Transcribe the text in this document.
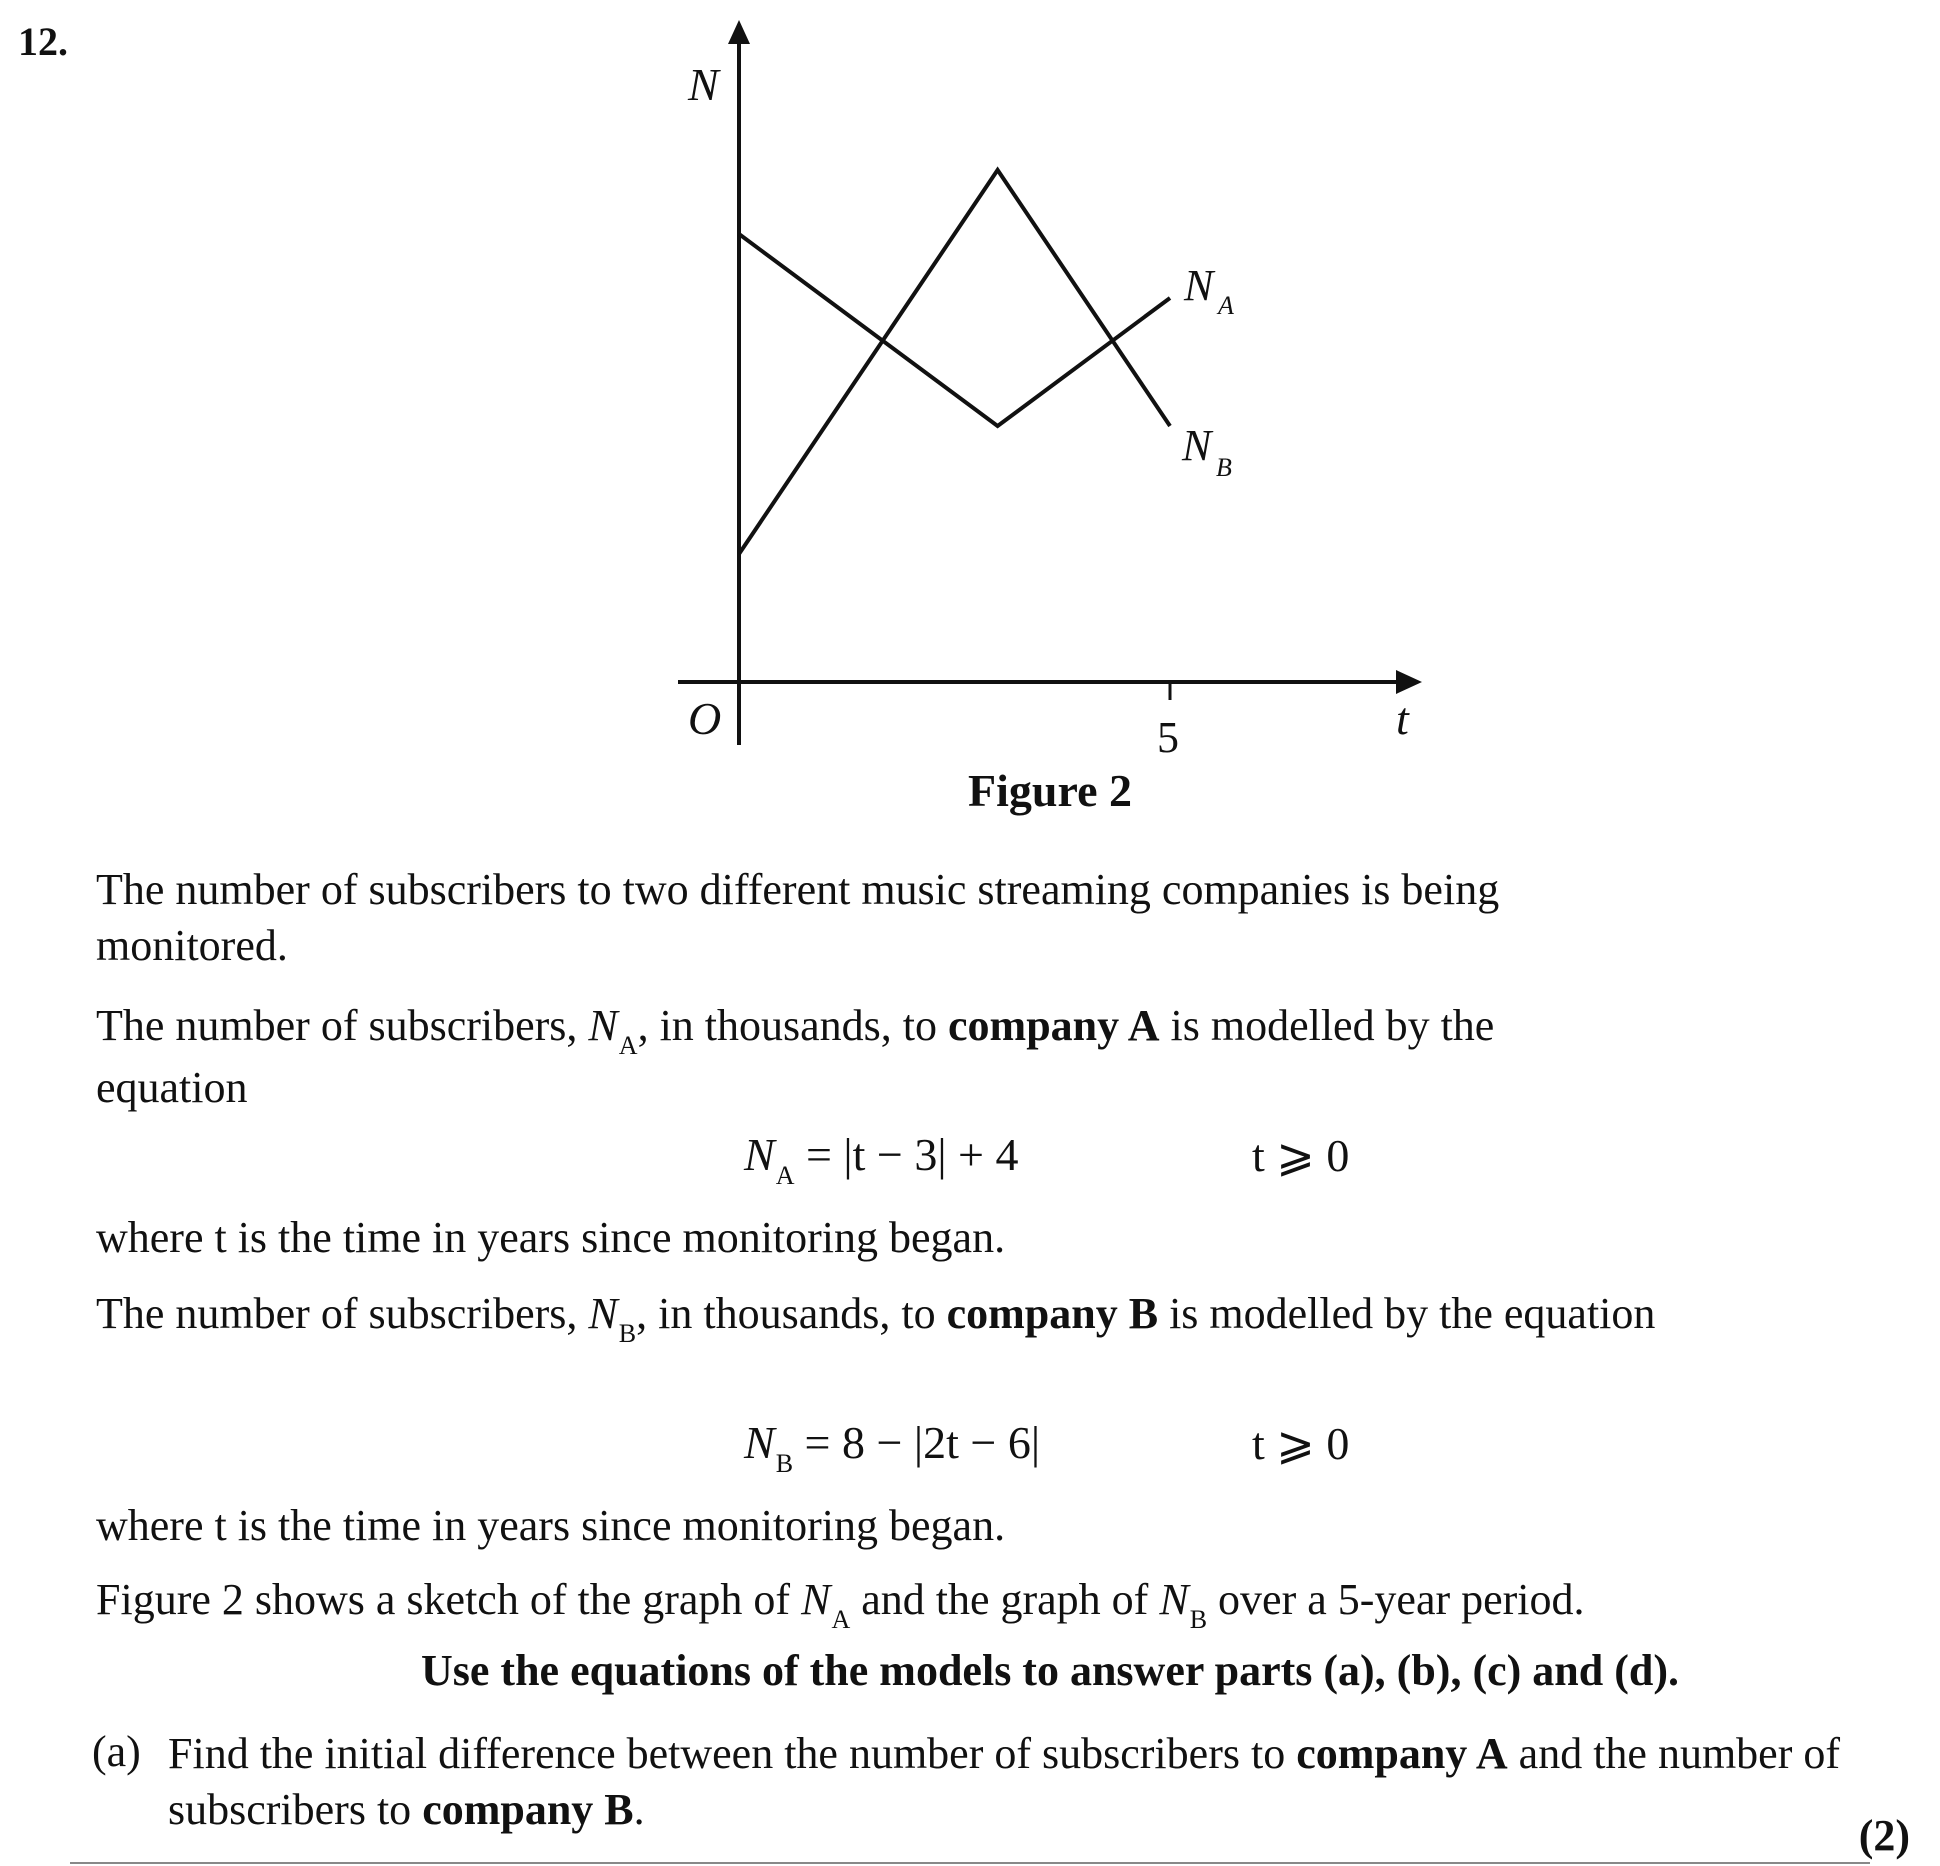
12.
N
O	5	t
N A
N B
Figure 2
The number of subscribers to two different music streaming companies is being monitored.
The number of subscribers, $N_A$, in thousands, to company A is modelled by the equation
$N_A = |t - 3| + 4$	t ⩾ 0
where t is the time in years since monitoring began.
The number of subscribers, $N_B$, in thousands, to company B is modelled by the equation
$N_B = 8 - |2t - 6|$	t ⩾ 0
where t is the time in years since monitoring began.
Figure 2 shows a sketch of the graph of $N_A$ and the graph of $N_B$ over a 5-year period.
Use the equations of the models to answer parts (a), (b), (c) and (d).
(a) Find the initial difference between the number of subscribers to company A and the number of subscribers to company B.
(2)
